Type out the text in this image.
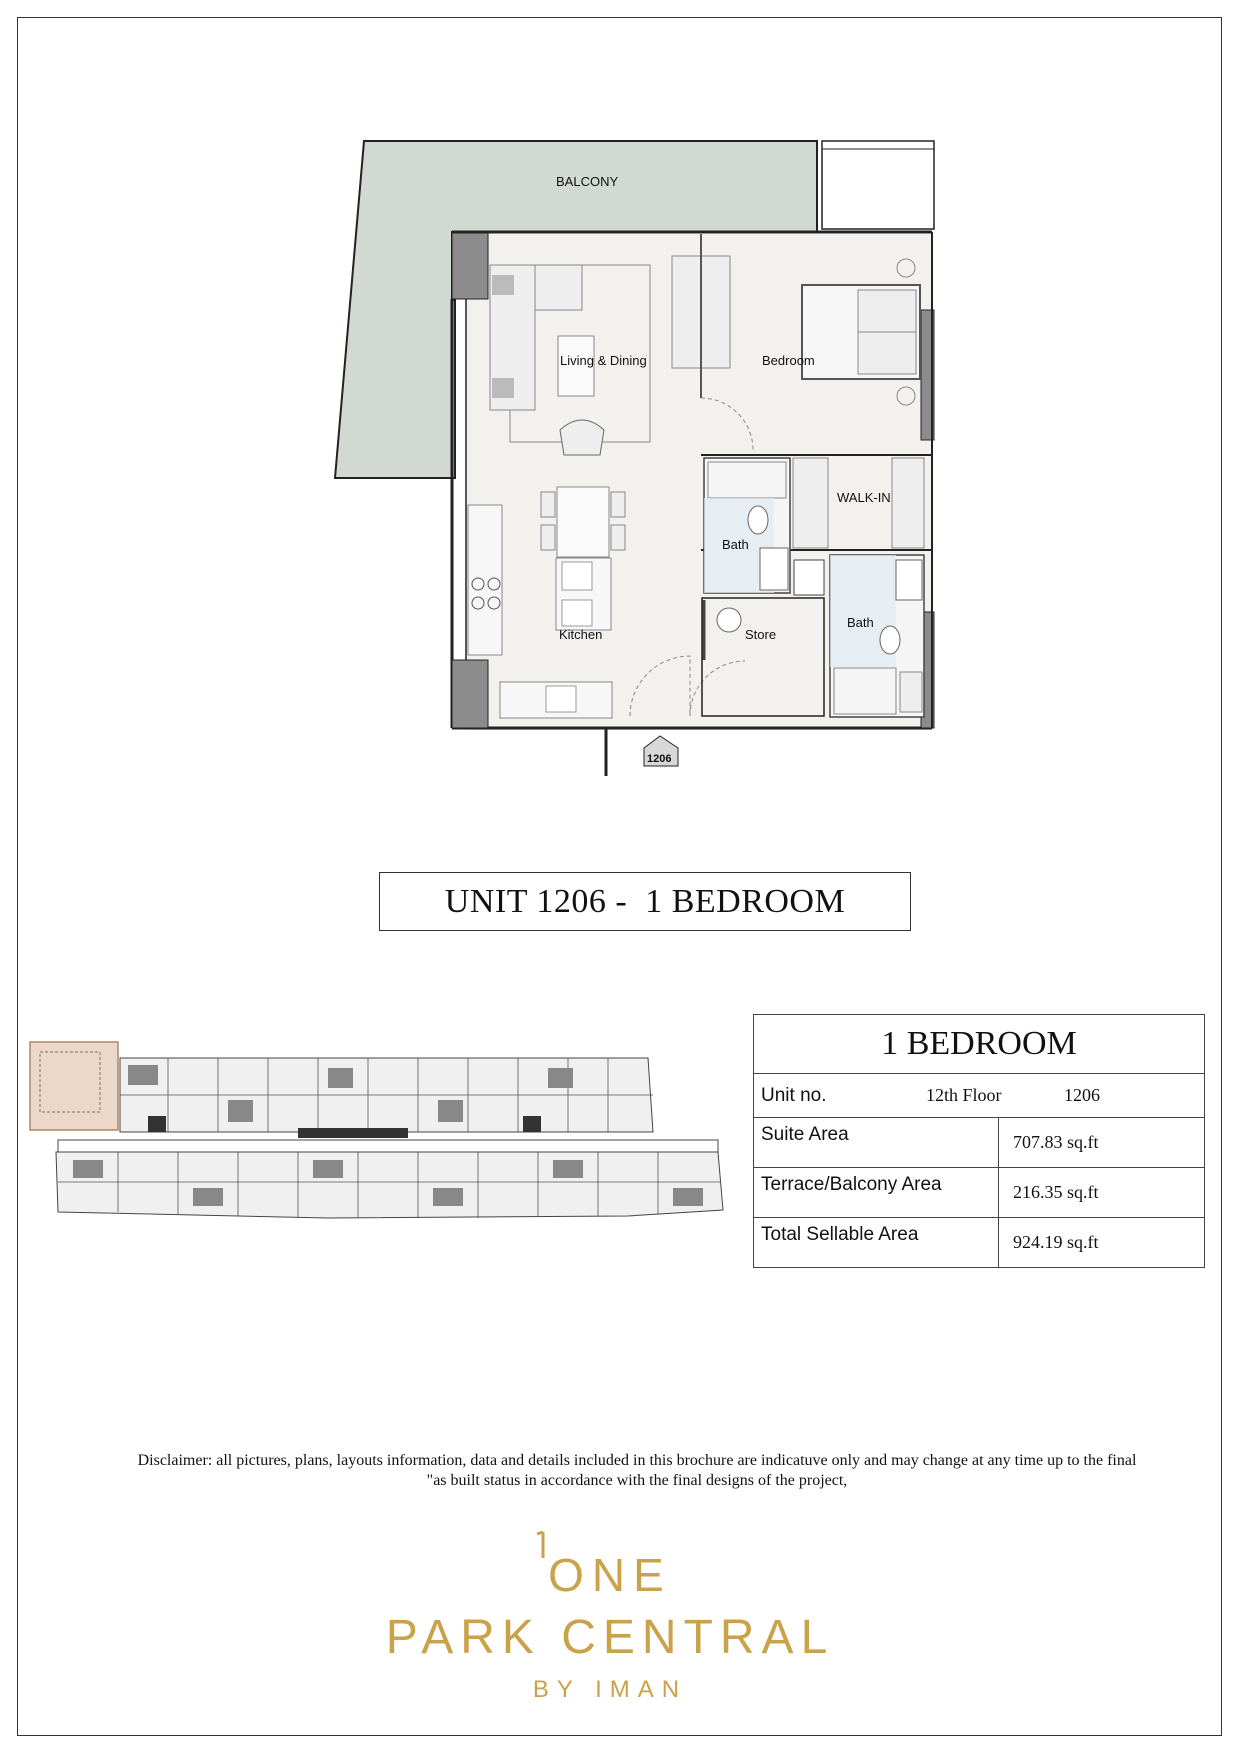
BALCONY
Living & Dining	Bedroom
WALK-IN
Bath
Bath
Kitchen	Store
1206
UNIT 1206 -  1 BEDROOM
1 BEDROOM	

Unit no. 12th Floor 1206	

Suite Area	707.83 sq.ft
Terrace/Balcony Area	216.35 sq.ft
Total Sellable Area	924.19 sq.ft
Disclaimer: all pictures, plans, layouts information, data and details included in this brochure are indicatuve only and may change at any time up to the final
"as built status in accordance with the final designs of the project,
ONE
PARK CENTRAL
BY IMAN
